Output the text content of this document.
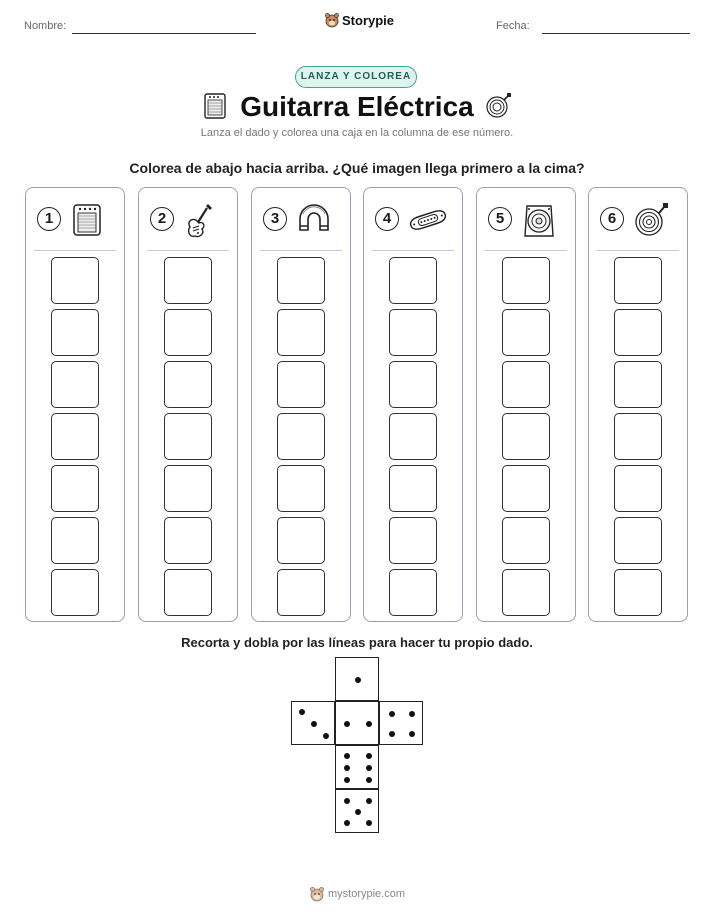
Nombre:	Storypie	Fecha:
LANZA Y COLOREA
Guitarra Eléctrica
Lanza el dado y colorea una caja en la columna de ese número.
Colorea de abajo hacia arriba. ¿Qué imagen llega primero a la cima?
1	2	3	4	5	6
Recorta y dobla por las líneas para hacer tu propio dado.
mystorypie.com
